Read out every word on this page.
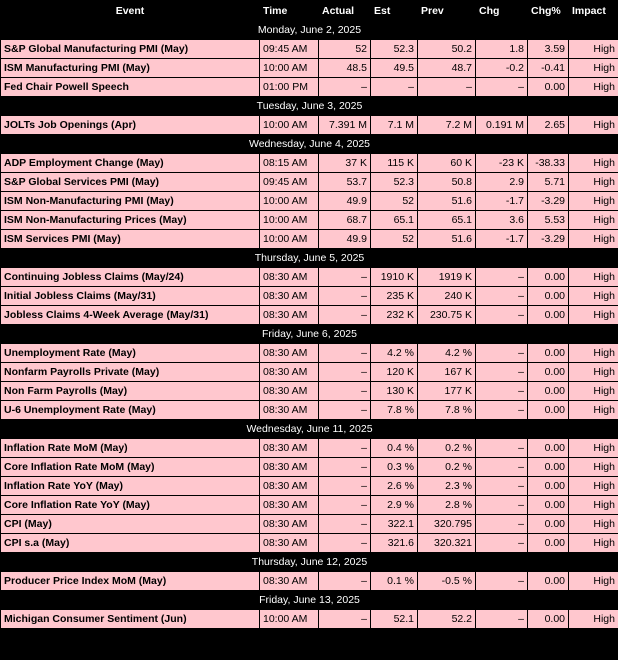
Event	Time	Actual	Est	Prev	Chg	Chg%	Impact
Monday, June 2, 2025							
S&P Global Manufacturing PMI (May)	09:45 AM	52	52.3	50.2	1.8	3.59	High
ISM Manufacturing PMI (May)	10:00 AM	48.5	49.5	48.7	-0.2	-0.41	High
Fed Chair Powell Speech	01:00 PM	–	–	–	–	0.00	High
Tuesday, June 3, 2025							
JOLTs Job Openings (Apr)	10:00 AM	7.391 M	7.1 M	7.2 M	0.191 M	2.65	High
Wednesday, June 4, 2025							
ADP Employment Change (May)	08:15 AM	37 K	115 K	60 K	-23 K	-38.33	High
S&P Global Services PMI (May)	09:45 AM	53.7	52.3	50.8	2.9	5.71	High
ISM Non-Manufacturing PMI (May)	10:00 AM	49.9	52	51.6	-1.7	-3.29	High
ISM Non-Manufacturing Prices (May)	10:00 AM	68.7	65.1	65.1	3.6	5.53	High
ISM Services PMI (May)	10:00 AM	49.9	52	51.6	-1.7	-3.29	High
Thursday, June 5, 2025							
Continuing Jobless Claims (May/24)	08:30 AM	–	1910 K	1919 K	–	0.00	High
Initial Jobless Claims (May/31)	08:30 AM	–	235 K	240 K	–	0.00	High
Jobless Claims 4-Week Average (May/31)	08:30 AM	–	232 K	230.75 K	–	0.00	High
Friday, June 6, 2025							
Unemployment Rate (May)	08:30 AM	–	4.2 %	4.2 %	–	0.00	High
Nonfarm Payrolls Private (May)	08:30 AM	–	120 K	167 K	–	0.00	High
Non Farm Payrolls (May)	08:30 AM	–	130 K	177 K	–	0.00	High
U-6 Unemployment Rate (May)	08:30 AM	–	7.8 %	7.8 %	–	0.00	High
Wednesday, June 11, 2025							
Inflation Rate MoM (May)	08:30 AM	–	0.4 %	0.2 %	–	0.00	High
Core Inflation Rate MoM (May)	08:30 AM	–	0.3 %	0.2 %	–	0.00	High
Inflation Rate YoY (May)	08:30 AM	–	2.6 %	2.3 %	–	0.00	High
Core Inflation Rate YoY (May)	08:30 AM	–	2.9 %	2.8 %	–	0.00	High
CPI (May)	08:30 AM	–	322.1	320.795	–	0.00	High
CPI s.a (May)	08:30 AM	–	321.6	320.321	–	0.00	High
Thursday, June 12, 2025							
Producer Price Index MoM (May)	08:30 AM	–	0.1 %	-0.5 %	–	0.00	High
Friday, June 13, 2025							
Michigan Consumer Sentiment (Jun)	10:00 AM	–	52.1	52.2	–	0.00	High
